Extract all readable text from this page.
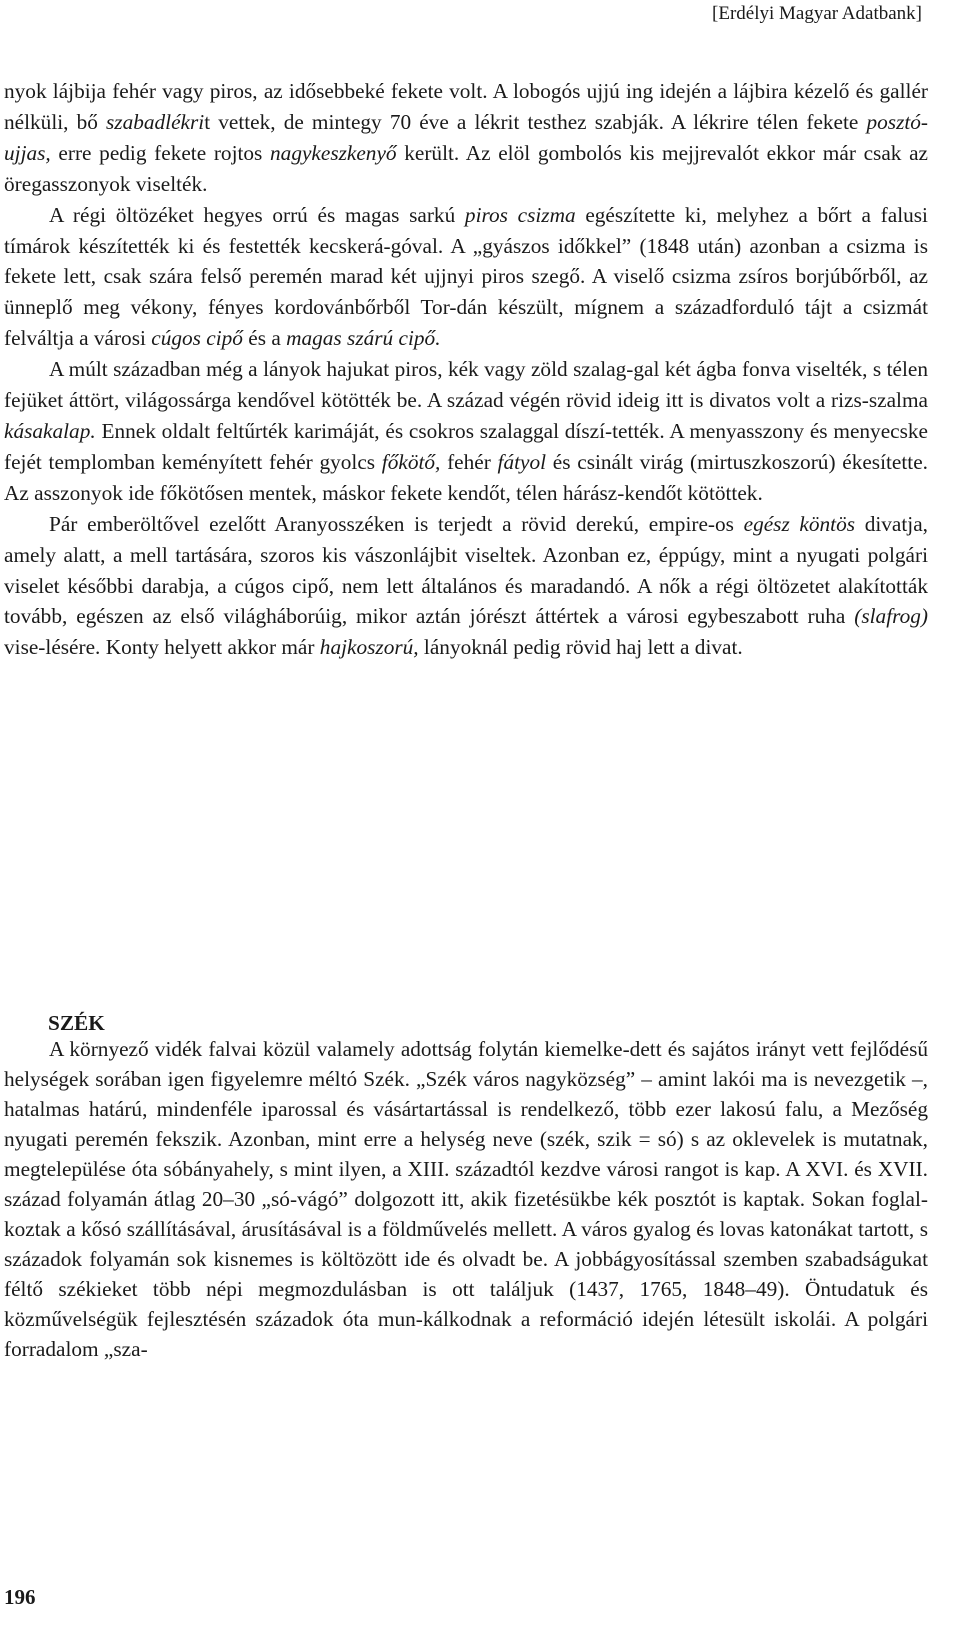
[Erdélyi Magyar Adatbank]

nyok lájbija fehér vagy piros, az idősebbeké fekete volt. A lobogós ujjú ing idején a lájbira kézelő és gallér nélküli, bő szabadlékrit vettek, de mintegy 70 éve a lékrit testhez szabják. A lékrire télen fekete posztó-ujjas, erre pedig fekete rojtos nagykeszkenyő került. Az elöl gombolós kis mejjrevalót ekkor már csak az öregasszonyok viselték.

A régi öltözéket hegyes orrú és magas sarkú piros csizma egészítette ki, melyhez a bőrt a falusi tímárok készítették ki és festették kecskerá-góval. A „gyászos időkkel” (1848 után) azonban a csizma is fekete lett, csak szára felső peremén marad két ujjnyi piros szegő. A viselő csizma zsíros borjúbőrből, az ünneplő meg vékony, fényes kordovánbőrből Tor-dán készült, mígnem a századforduló tájt a csizmát felváltja a városi cúgos cipő és a magas szárú cipő.

A múlt században még a lányok hajukat piros, kék vagy zöld szalag-gal két ágba fonva viselték, s télen fejüket áttört, világossárga kendővel kötötték be. A század végén rövid ideig itt is divatos volt a rizs-szalma kásakalap. Ennek oldalt feltűrték karimáját, és csokros szalaggal díszí-tették. A menyasszony és menyecske fejét templomban keményített fehér gyolcs főkötő, fehér fátyol és csinált virág (mirtuszkoszorú) ékesítette. Az asszonyok ide főkötősen mentek, máskor fekete kendőt, télen hárász-kendőt kötöttek.

Pár emberöltővel ezelőtt Aranyosszéken is terjedt a rövid derekú, empire-os egész köntös divatja, amely alatt, a mell tartására, szoros kis vászonlájbit viseltek. Azonban ez, éppúgy, mint a nyugati polgári viselet későbbi darabja, a cúgos cipő, nem lett általános és maradandó. A nők a régi öltözetet alakították tovább, egészen az első világháborúig, mikor aztán jórészt áttértek a városi egybeszabott ruha (slafrog) vise-lésére. Konty helyett akkor már hajkoszorú, lányoknál pedig rövid haj lett a divat.

SZÉK

A környező vidék falvai közül valamely adottság folytán kiemelke-dett és sajátos irányt vett fejlődésű helységek sorában igen figyelemre méltó Szék. „Szék város nagyközség” – amint lakói ma is nevezgetik –, hatalmas határú, mindenféle iparossal és vásártartással is rendelkező, több ezer lakosú falu, a Mezőség nyugati peremén fekszik. Azonban, mint erre a helység neve (szék, szik = só) s az oklevelek is mutatnak, megtelepülése óta sóbányahely, s mint ilyen, a XIII. századtól kezdve városi rangot is kap. A XVI. és XVII. század folyamán átlag 20–30 „só-vágó” dolgozott itt, akik fizetésükbe kék posztót is kaptak. Sokan foglal-koztak a kősó szállításával, árusításával is a földművelés mellett. A város gyalog és lovas katonákat tartott, s századok folyamán sok kisnemes is költözött ide és olvadt be. A jobbágyosítással szemben szabadságukat féltő székieket több népi megmozdulásban is ott találjuk (1437, 1765, 1848–49). Öntudatuk és közművelségük fejlesztésén századok óta mun-kálkodnak a reformáció idején létesült iskolái. A polgári forradalom „sza-

196
